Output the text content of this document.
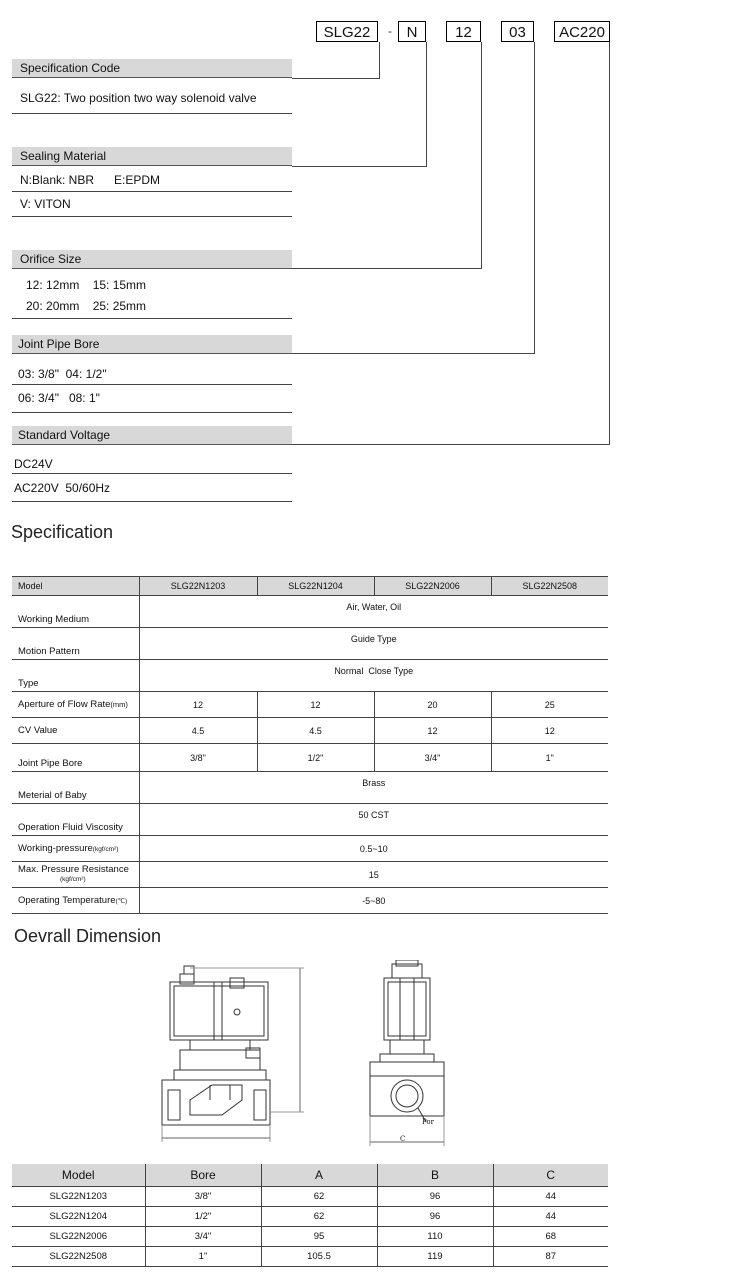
SLG22	- N	12	03	AC220
Specification Code
SLG22: Two position two way solenoid valve
Sealing Material
N:Blank: NBR      E:EPDM
V: VITON
Orifice Size
12: 12mm    15: 15mm
20: 20mm    25: 25mm
Joint Pipe Bore
03: 3/8"  04: 1/2"
06: 3/4"   08: 1"
Standard Voltage
DC24V
AC220V  50/60Hz
Specification
Model	SLG22N1203	SLG22N1204	SLG22N2006	SLG22N2508
Working Medium	Air, Water, Oil			
Motion Pattern	Guide Type			
Type	Normal  Close Type			
Aperture of Flow Rate(mm)	12	12	20	25
CV Value	4.5	4.5	12	12
Joint Pipe Bore	3/8"	1/2"	3/4"	1"
Meterial of Baby	Brass			
Operation Fluid Viscosity	50 CST			
Working-pressure(kgf/cm²)	0.5~10			
Max. Pressure Resistance
(kgf/cm²)	15			
Operating Temperature(℃)	-5~80			
Oevrall Dimension
C
Por
Model	Bore	A	B	C
SLG22N1203	3/8"	62	96	44
SLG22N1204	1/2"	62	96	44
SLG22N2006	3/4"	95	110	68
SLG22N2508	1"	105.5	119	87
